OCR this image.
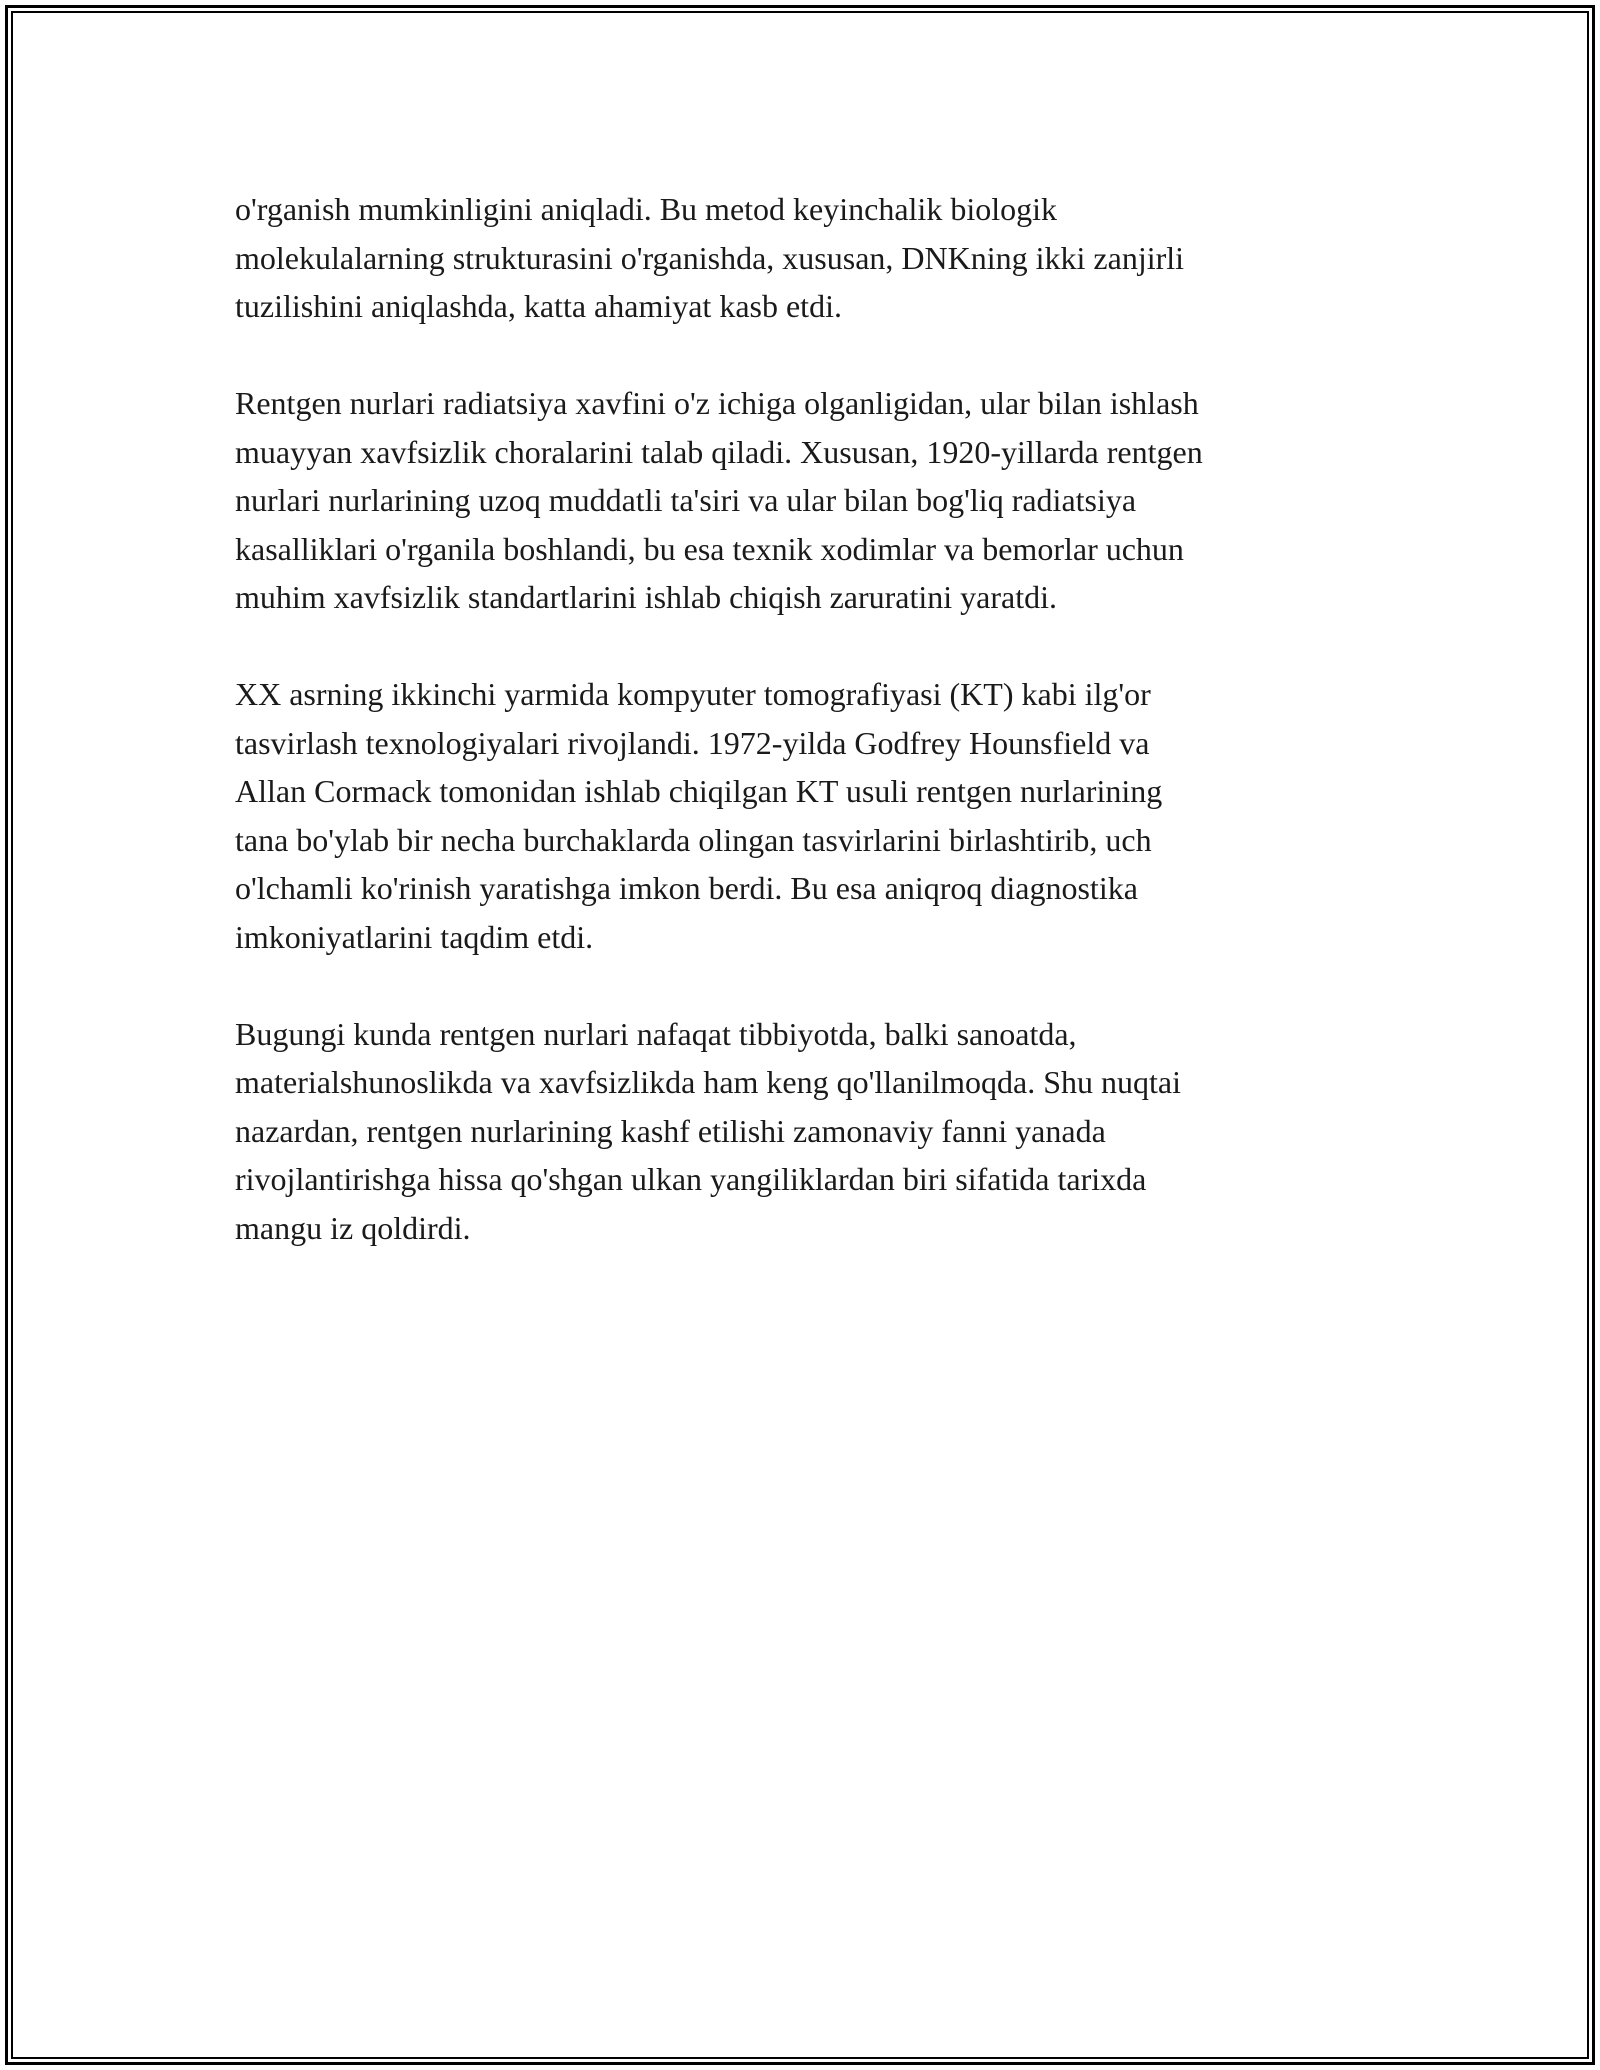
o'rganish mumkinligini aniqladi. Bu metod keyinchalik biologik
molekulalarning strukturasini o'rganishda, xususan, DNKning ikki zanjirli
tuzilishini aniqlashda, katta ahamiyat kasb etdi.

Rentgen nurlari radiatsiya xavfini o'z ichiga olganligidan, ular bilan ishlash
muayyan xavfsizlik choralarini talab qiladi. Xususan, 1920-yillarda rentgen
nurlari nurlarining uzoq muddatli ta'siri va ular bilan bog'liq radiatsiya
kasalliklari o'rganila boshlandi, bu esa texnik xodimlar va bemorlar uchun
muhim xavfsizlik standartlarini ishlab chiqish zaruratini yaratdi.

XX asrning ikkinchi yarmida kompyuter tomografiyasi (KT) kabi ilg'or
tasvirlash texnologiyalari rivojlandi. 1972-yilda Godfrey Hounsfield va
Allan Cormack tomonidan ishlab chiqilgan KT usuli rentgen nurlarining
tana bo'ylab bir necha burchaklarda olingan tasvirlarini birlashtirib, uch
o'lchamli ko'rinish yaratishga imkon berdi. Bu esa aniqroq diagnostika
imkoniyatlarini taqdim etdi.

Bugungi kunda rentgen nurlari nafaqat tibbiyotda, balki sanoatda,
materialshunoslikda va xavfsizlikda ham keng qo'llanilmoqda. Shu nuqtai
nazardan, rentgen nurlarining kashf etilishi zamonaviy fanni yanada
rivojlantirishga hissa qo'shgan ulkan yangiliklardan biri sifatida tarixda
mangu iz qoldirdi.
